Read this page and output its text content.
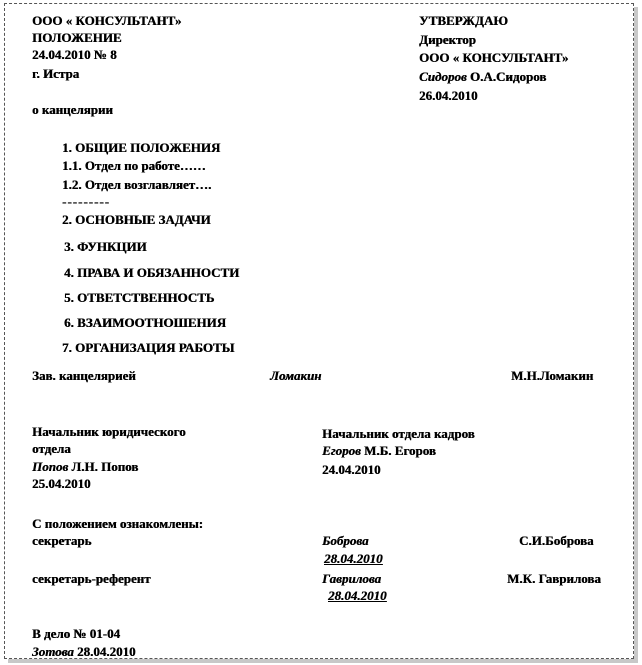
ООО « КОНСУЛЬТАНТ»
ПОЛОЖЕНИЕ
24.04.2010 № 8
г. Истра
о канцелярии
УТВЕРЖДАЮ
Директор
ООО « КОНСУЛЬТАНТ»
Сидоров О.А.Сидоров
26.04.2010
1. ОБЩИЕ ПОЛОЖЕНИЯ
1.1. Отдел по работе……
1.2. Отдел возглавляет….
---------
2. ОСНОВНЫЕ ЗАДАЧИ
3. ФУНКЦИИ
4. ПРАВА И ОБЯЗАННОСТИ
5. ОТВЕТСТВЕННОСТЬ
6. ВЗАИМООТНОШЕНИЯ
7. ОРГАНИЗАЦИЯ РАБОТЫ
Зав. канцелярией	Ломакин	М.Н.Ломакин
Начальник юридического
отдела
Попов Л.Н. Попов
25.04.2010
Начальник отдела кадров
Егоров М.Б. Егоров
24.04.2010
С положением ознакомлены:
секретарь	Боброва	С.И.Боброва
28.04.2010
секретарь-референт	Гаврилова	М.К. Гаврилова
28.04.2010
В дело № 01-04
Зотова 28.04.2010
